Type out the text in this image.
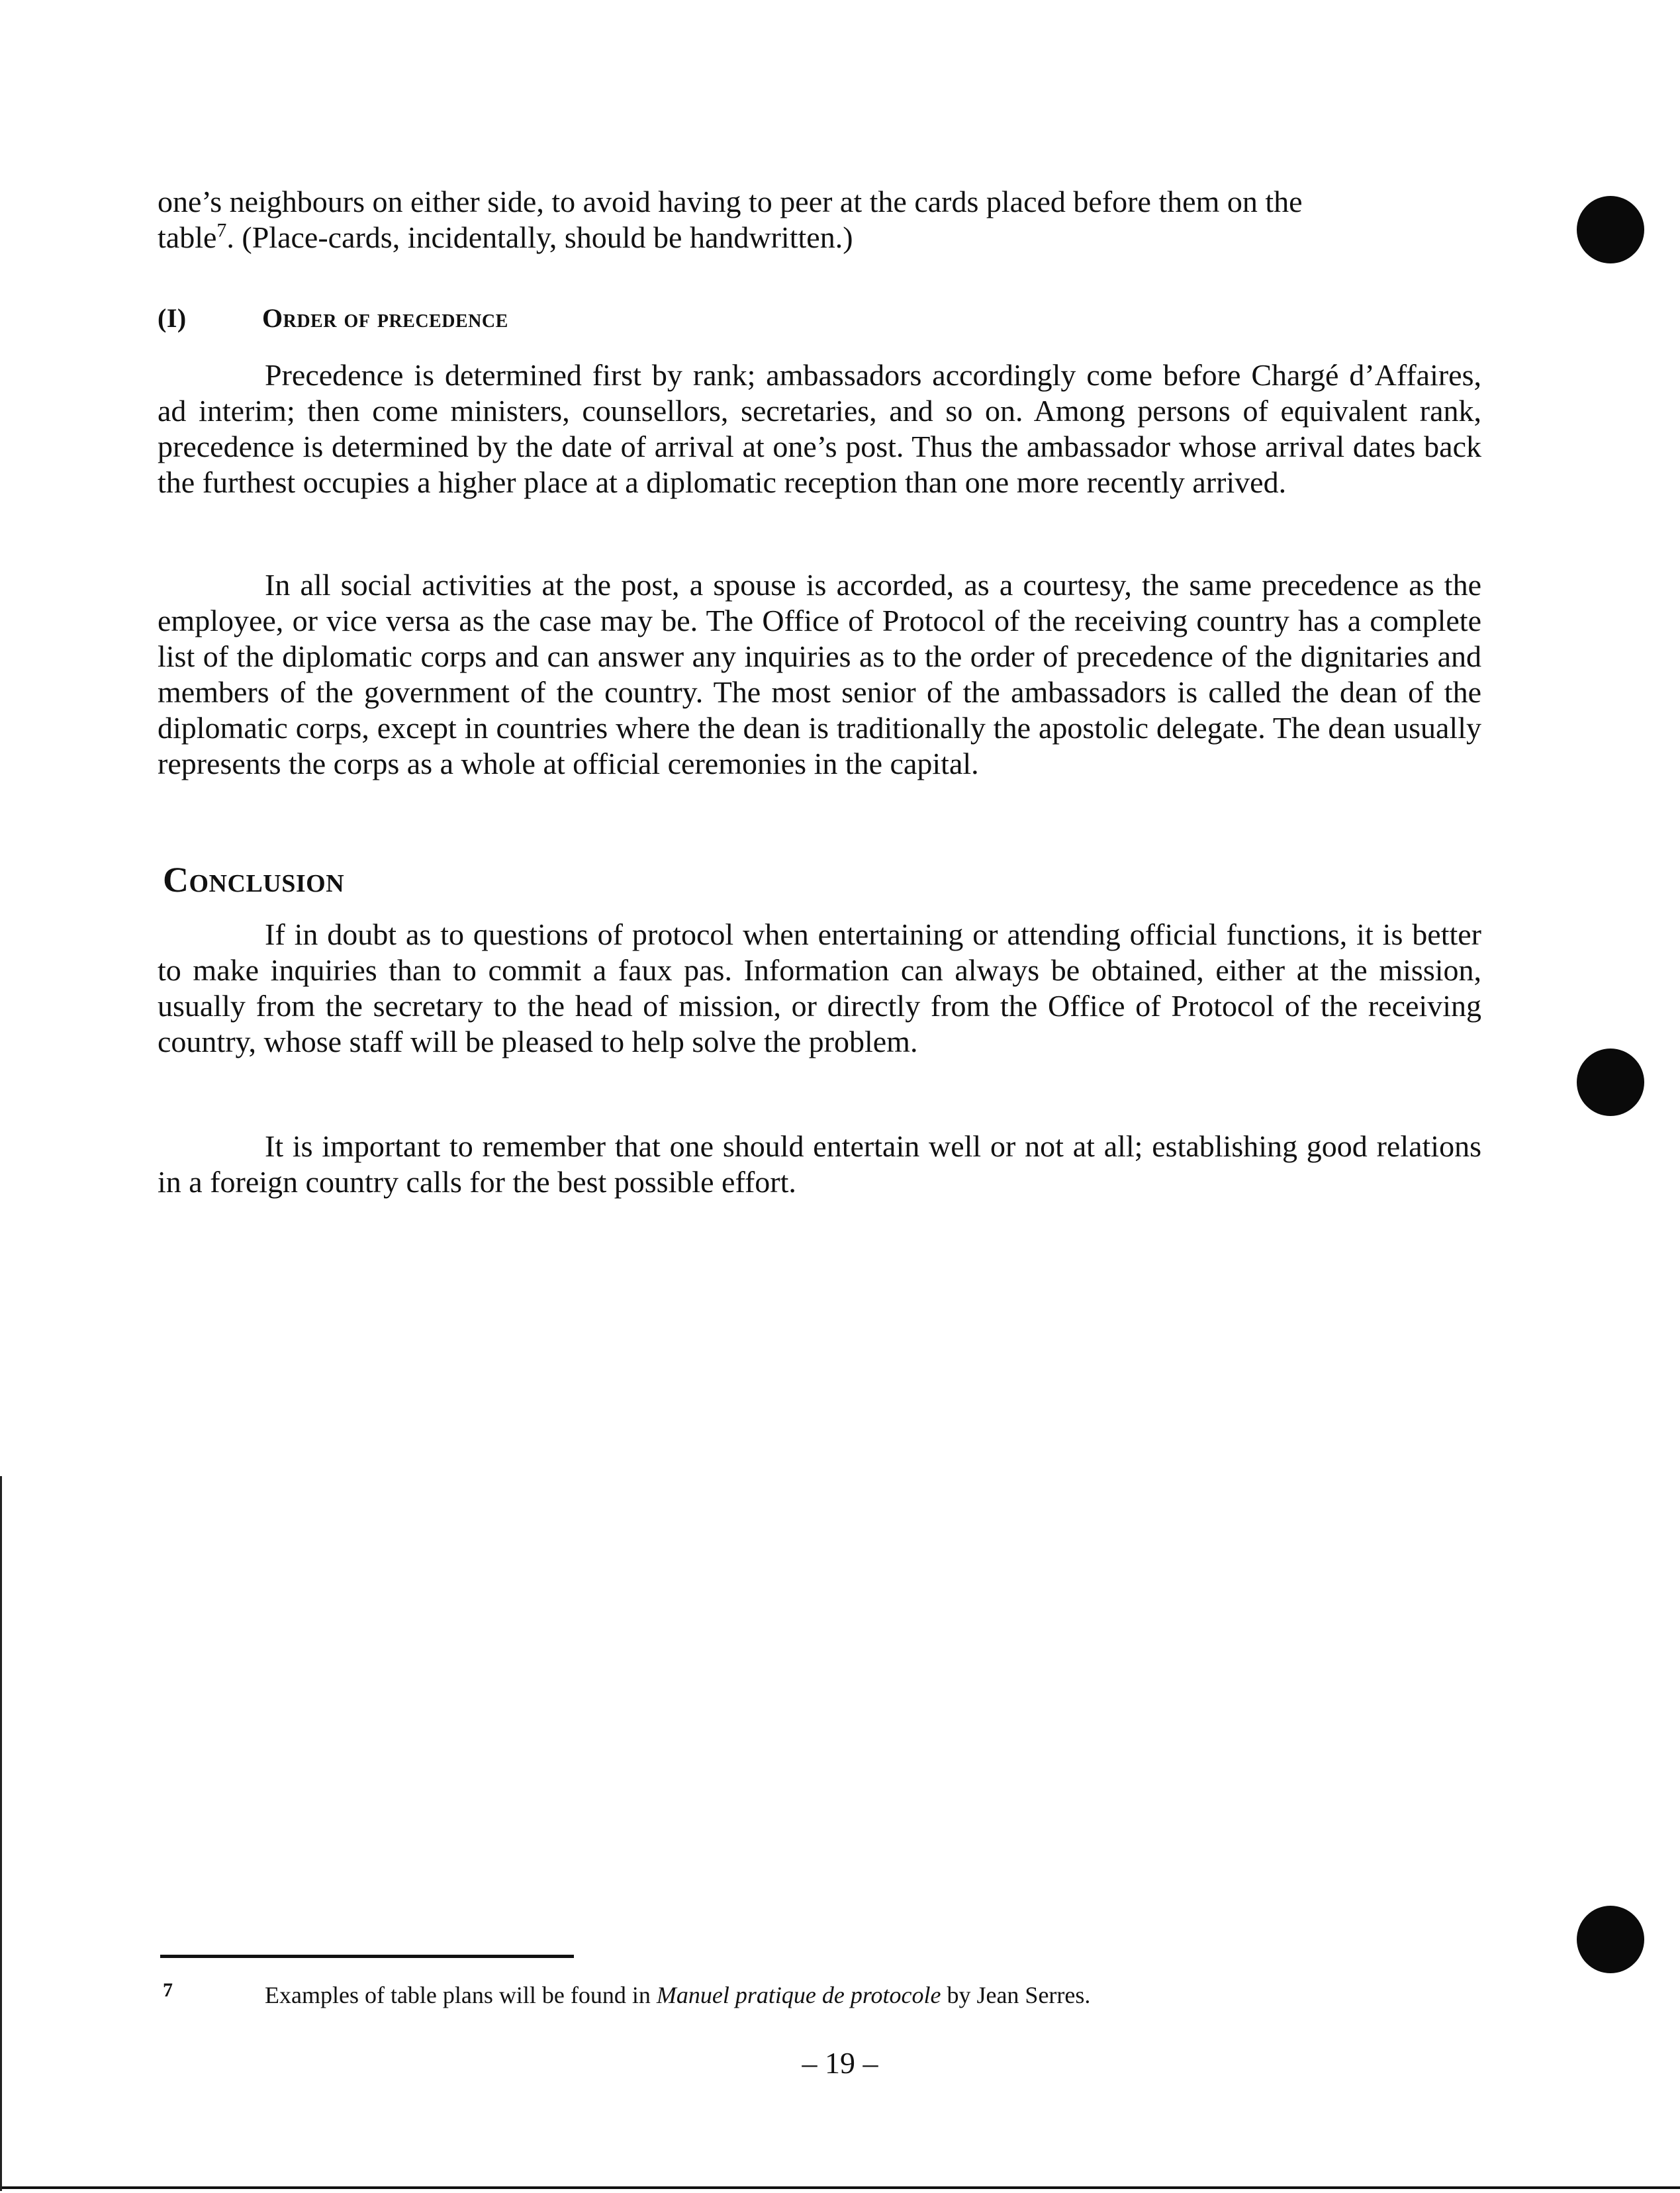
one’s neighbours on either side, to avoid having to peer at the cards placed before them on the
table$^7$. (Place-cards, incidentally, should be handwritten.)
(I)	Order of precedence
Precedence is determined first by rank; ambassadors accordingly come before Chargé d’Affaires, ad interim; then come ministers, counsellors, secretaries, and so on. Among persons of equivalent rank, precedence is determined by the date of arrival at one’s post. Thus the ambassador whose arrival dates back the furthest occupies a higher place at a diplomatic reception than one more recently arrived.
In all social activities at the post, a spouse is accorded, as a courtesy, the same precedence as the employee, or vice versa as the case may be. The Office of Protocol of the receiving country has a complete list of the diplomatic corps and can answer any inquiries as to the order of precedence of the dignitaries and members of the government of the country. The most senior of the ambassadors is called the dean of the diplomatic corps, except in countries where the dean is traditionally the apostolic delegate. The dean usually represents the corps as a whole at official ceremonies in the capital.
Conclusion
If in doubt as to questions of protocol when entertaining or attending official functions, it is better to make inquiries than to commit a faux pas. Information can always be obtained, either at the mission, usually from the secretary to the head of mission, or directly from the Office of Protocol of the receiving country, whose staff will be pleased to help solve the problem.
It is important to remember that one should entertain well or not at all; establishing good relations in a foreign country calls for the best possible effort.
7	Examples of table plans will be found in Manuel pratique de protocole by Jean Serres.
– 19 –
